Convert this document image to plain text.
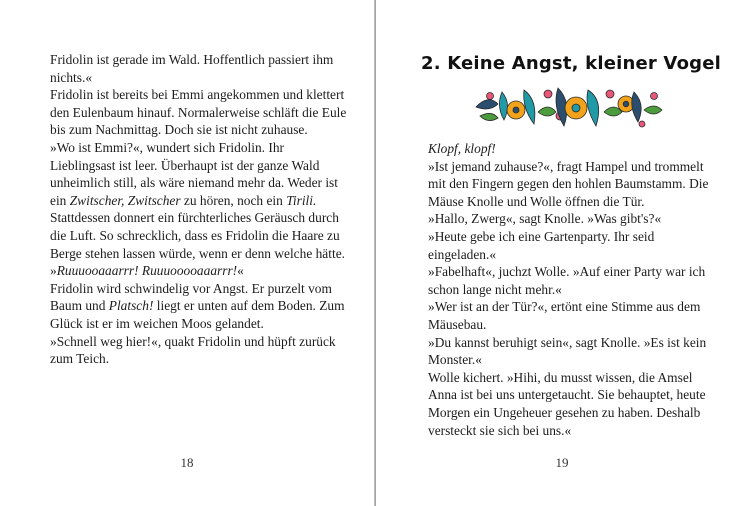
Fridolin ist gerade im Wald. Hoffentlich passiert ihm nichts.«

Fridolin ist bereits bei Emmi angekommen und klettert den Eulenbaum hinauf. Normalerweise schläft die Eule bis zum Nachmittag. Doch sie ist nicht zuhause.

»Wo ist Emmi?«, wundert sich Fridolin. Ihr Lieblingsast ist leer. Überhaupt ist der ganze Wald unheimlich still, als wäre niemand mehr da. Weder ist ein Zwitscher, Zwitscher zu hören, noch ein Tirili.

Stattdessen donnert ein fürchterliches Geräusch durch die Luft. So schrecklich, dass es Fridolin die Haare zu Berge stehen lassen würde, wenn er denn welche hätte.

»Ruuuooaaarrr! Ruuuooooaaarrr!«

Fridolin wird schwindelig vor Angst. Er purzelt vom Baum und Platsch! liegt er unten auf dem Boden. Zum Glück ist er im weichen Moos gelandet.

»Schnell weg hier!«, quakt Fridolin und hüpft zurück zum Teich.

18
2. Keine Angst, kleiner Vogel

Klopf, klopf!

»Ist jemand zuhause?«, fragt Hampel und trommelt mit den Fingern gegen den hohlen Baumstamm. Die Mäuse Knolle und Wolle öffnen die Tür.

»Hallo, Zwerg«, sagt Knolle. »Was gibt's?«

»Heute gebe ich eine Gartenparty. Ihr seid eingeladen.«

»Fabelhaft«, juchzt Wolle. »Auf einer Party war ich schon lange nicht mehr.«

»Wer ist an der Tür?«, ertönt eine Stimme aus dem Mäusebau.

»Du kannst beruhigt sein«, sagt Knolle. »Es ist kein Monster.«

Wolle kichert. »Hihi, du musst wissen, die Amsel Anna ist bei uns untergetaucht. Sie behauptet, heute Morgen ein Ungeheuer gesehen zu haben. Deshalb versteckt sie sich bei uns.«

19
